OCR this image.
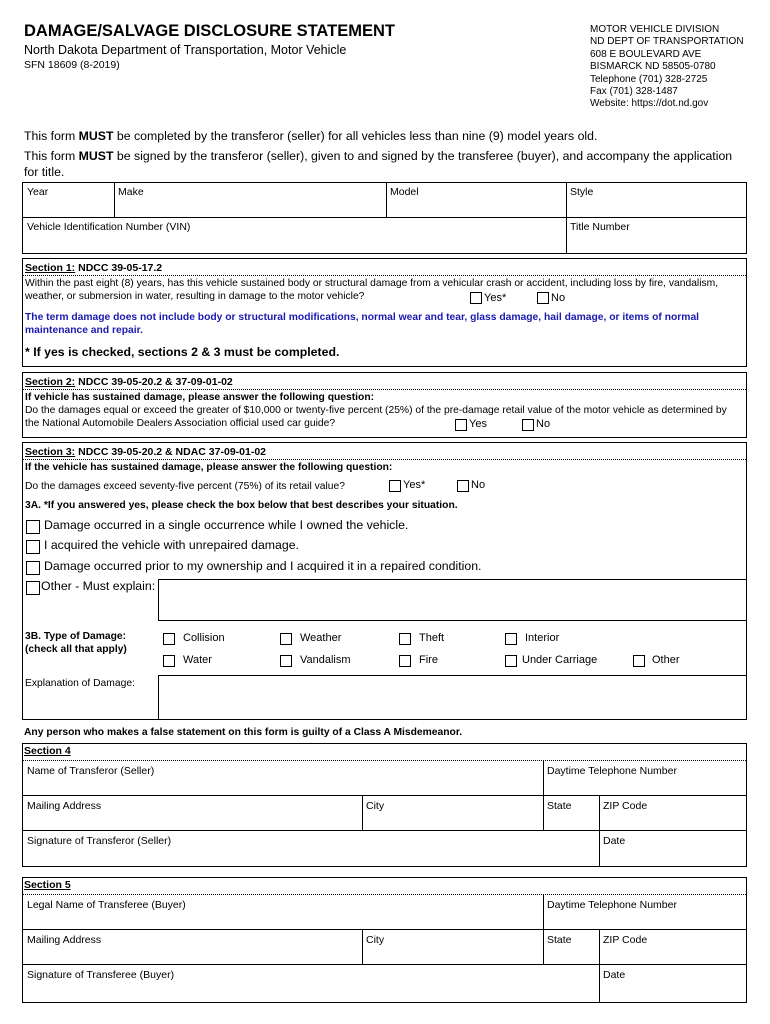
DAMAGE/SALVAGE DISCLOSURE STATEMENT
North Dakota Department of Transportation, Motor Vehicle
SFN 18609 (8-2019)
MOTOR VEHICLE DIVISION
ND DEPT OF TRANSPORTATION
608 E BOULEVARD AVE
BISMARCK ND 58505-0780
Telephone (701) 328-2725
Fax (701) 328-1487
Website: https://dot.nd.gov
This form MUST be completed by the transferor (seller) for all vehicles less than nine (9) model years old.
This form MUST be signed by the transferor (seller), given to and signed by the transferee (buyer), and accompany the application for title.
Year	Make	Model	Style
Vehicle Identification Number (VIN)	Title Number
Section 1: NDCC 39-05-17.2
Within the past eight (8) years, has this vehicle sustained body or structural damage from a vehicular crash or accident, including loss by fire, vandalism, weather, or submersion in water, resulting in damage to the motor vehicle?	Yes*	No
The term damage does not include body or structural modifications, normal wear and tear, glass damage, hail damage, or items of normal maintenance and repair.
* If yes is checked, sections 2 & 3 must be completed.
Section 2: NDCC 39-05-20.2 & 37-09-01-02
If vehicle has sustained damage, please answer the following question:
Do the damages equal or exceed the greater of $10,000 or twenty-five percent (25%) of the pre-damage retail value of the motor vehicle as determined by the National Automobile Dealers Association official used car guide?	Yes	No
Section 3: NDCC 39-05-20.2 & NDAC 37-09-01-02
If the vehicle has sustained damage, please answer the following question:
Do the damages exceed seventy-five percent (75%) of its retail value?	Yes*	No
3A. *If you answered yes, please check the box below that best describes your situation.
Damage occurred in a single occurrence while I owned the vehicle.
I acquired the vehicle with unrepaired damage.
Damage occurred prior to my ownership and I acquired it in a repaired condition.
Other - Must explain:
3B. Type of Damage:
(check all that apply)
Collision	Weather	Theft	Interior
Water	Vandalism	Fire	Under Carriage	Other
Explanation of Damage:
Any person who makes a false statement on this form is guilty of a Class A Misdemeanor.
Section 4
Name of Transferor (Seller)	Daytime Telephone Number
Mailing Address	City	State	ZIP Code
Signature of Transferor (Seller)	Date
Section 5
Legal Name of Transferee (Buyer)	Daytime Telephone Number
Mailing Address	City	State	ZIP Code
Signature of Transferee (Buyer)	Date
